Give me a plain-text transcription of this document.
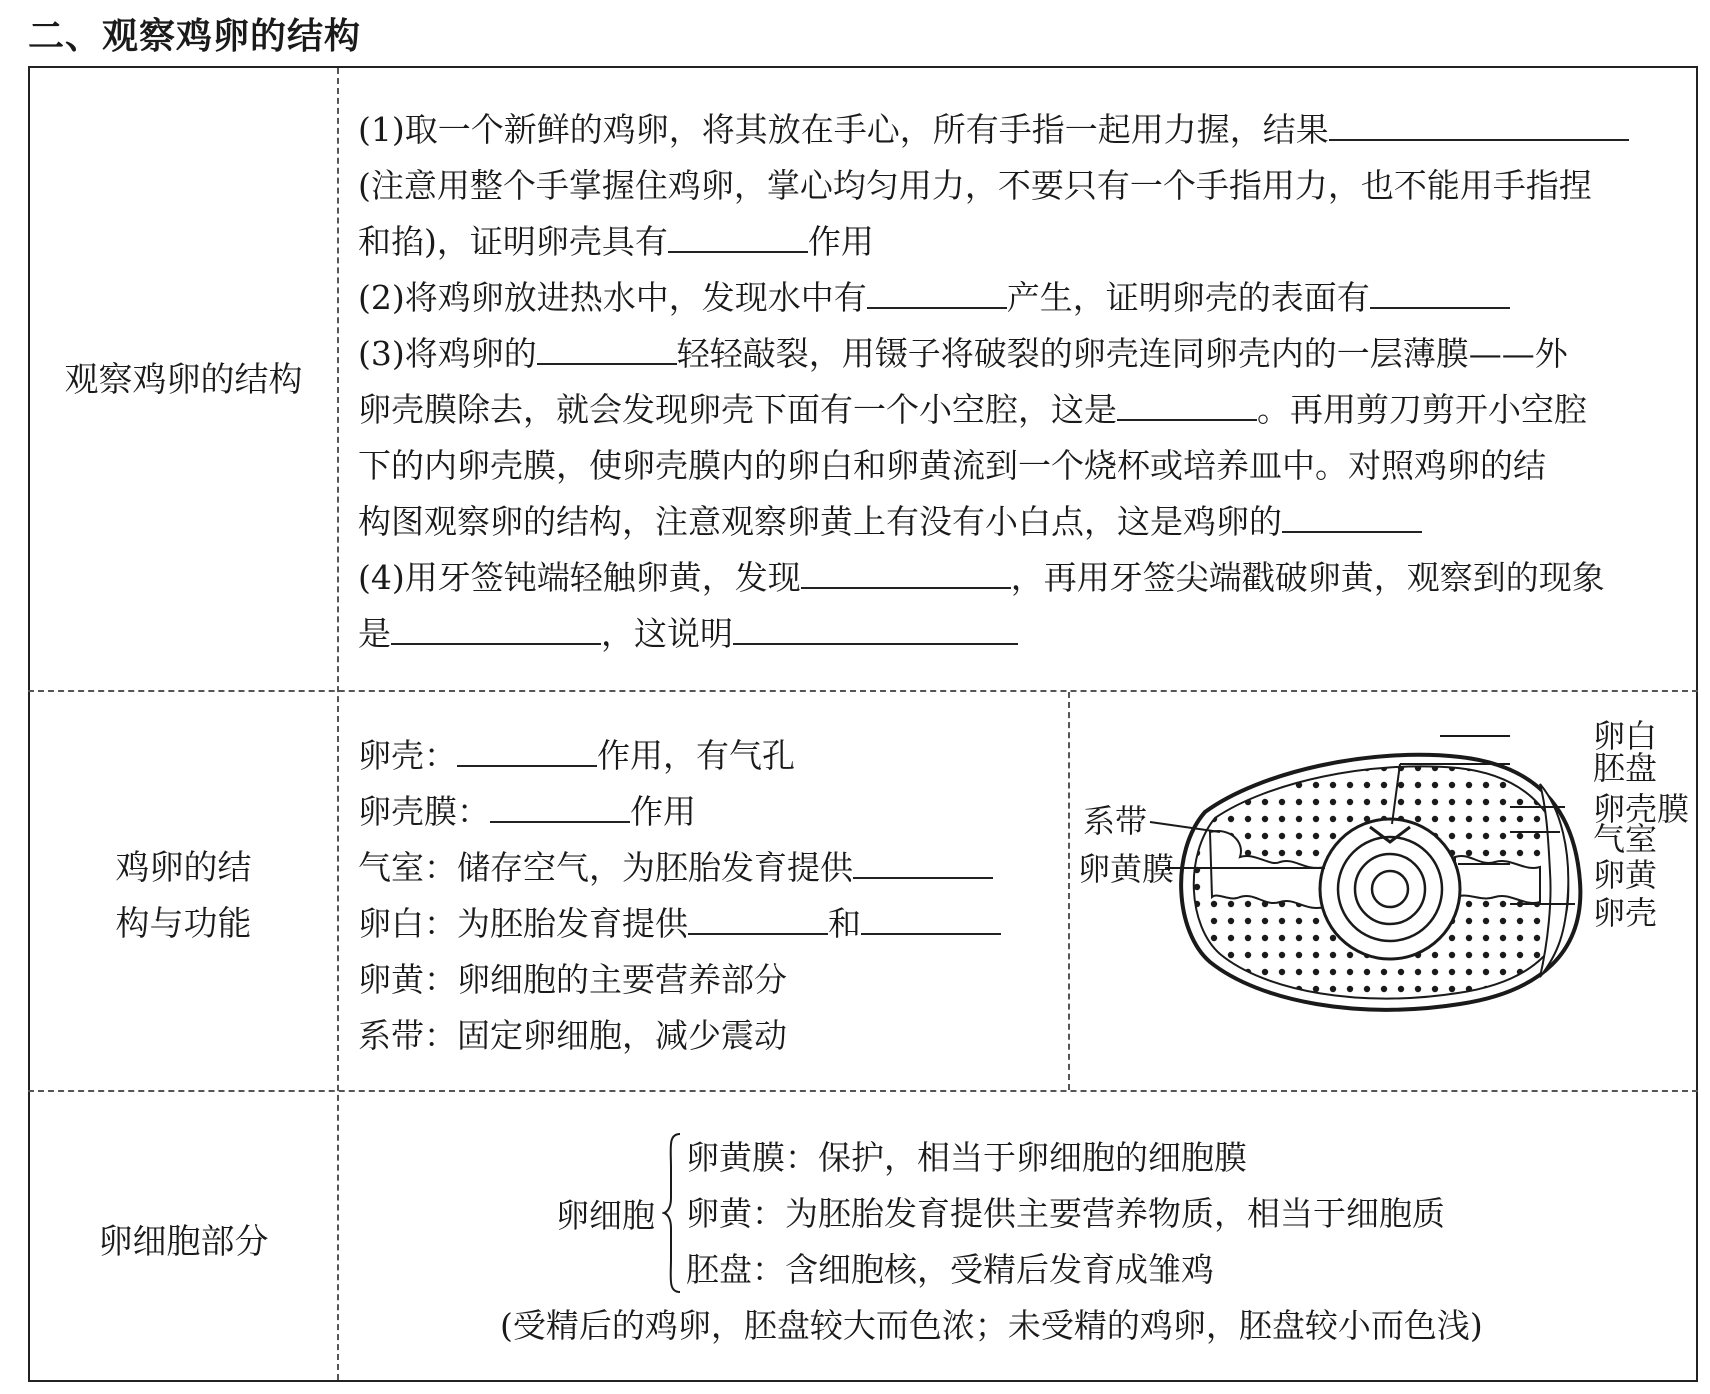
二、观察鸡卵的结构
观察鸡卵的结构
(1)取一个新鲜的鸡卵，将其放在手心，所有手指一起用力握，结果
(注意用整个手掌握住鸡卵，掌心均匀用力，不要只有一个手指用力，也不能用手指捏
和掐)，证明卵壳具有	作用
(2)将鸡卵放进热水中，发现水中有	产生，证明卵壳的表面有
(3)将鸡卵的	轻轻敲裂，用镊子将破裂的卵壳连同卵壳内的一层薄膜——外
卵壳膜除去，就会发现卵壳下面有一个小空腔，这是	。再用剪刀剪开小空腔
下的内卵壳膜，使卵壳膜内的卵白和卵黄流到一个烧杯或培养皿中。对照鸡卵的结
构图观察卵的结构，注意观察卵黄上有没有小白点，这是鸡卵的
(4)用牙签钝端轻触卵黄，发现	，再用牙签尖端戳破卵黄，观察到的现象
是	，这说明
鸡卵的结
构与功能
卵壳：	作用，有气孔
卵壳膜：	作用
气室：储存空气，为胚胎发育提供
卵白：为胚胎发育提供	和
卵黄：卵细胞的主要营养部分
系带：固定卵细胞，减少震动
卵白
胚盘
卵壳膜
气室
卵黄
卵壳
系带
卵黄膜
卵细胞部分
卵细胞
卵黄膜：保护，相当于卵细胞的细胞膜
卵黄：为胚胎发育提供主要营养物质，相当于细胞质
胚盘：含细胞核，受精后发育成雏鸡
(受精后的鸡卵，胚盘较大而色浓；未受精的鸡卵，胚盘较小而色浅)
